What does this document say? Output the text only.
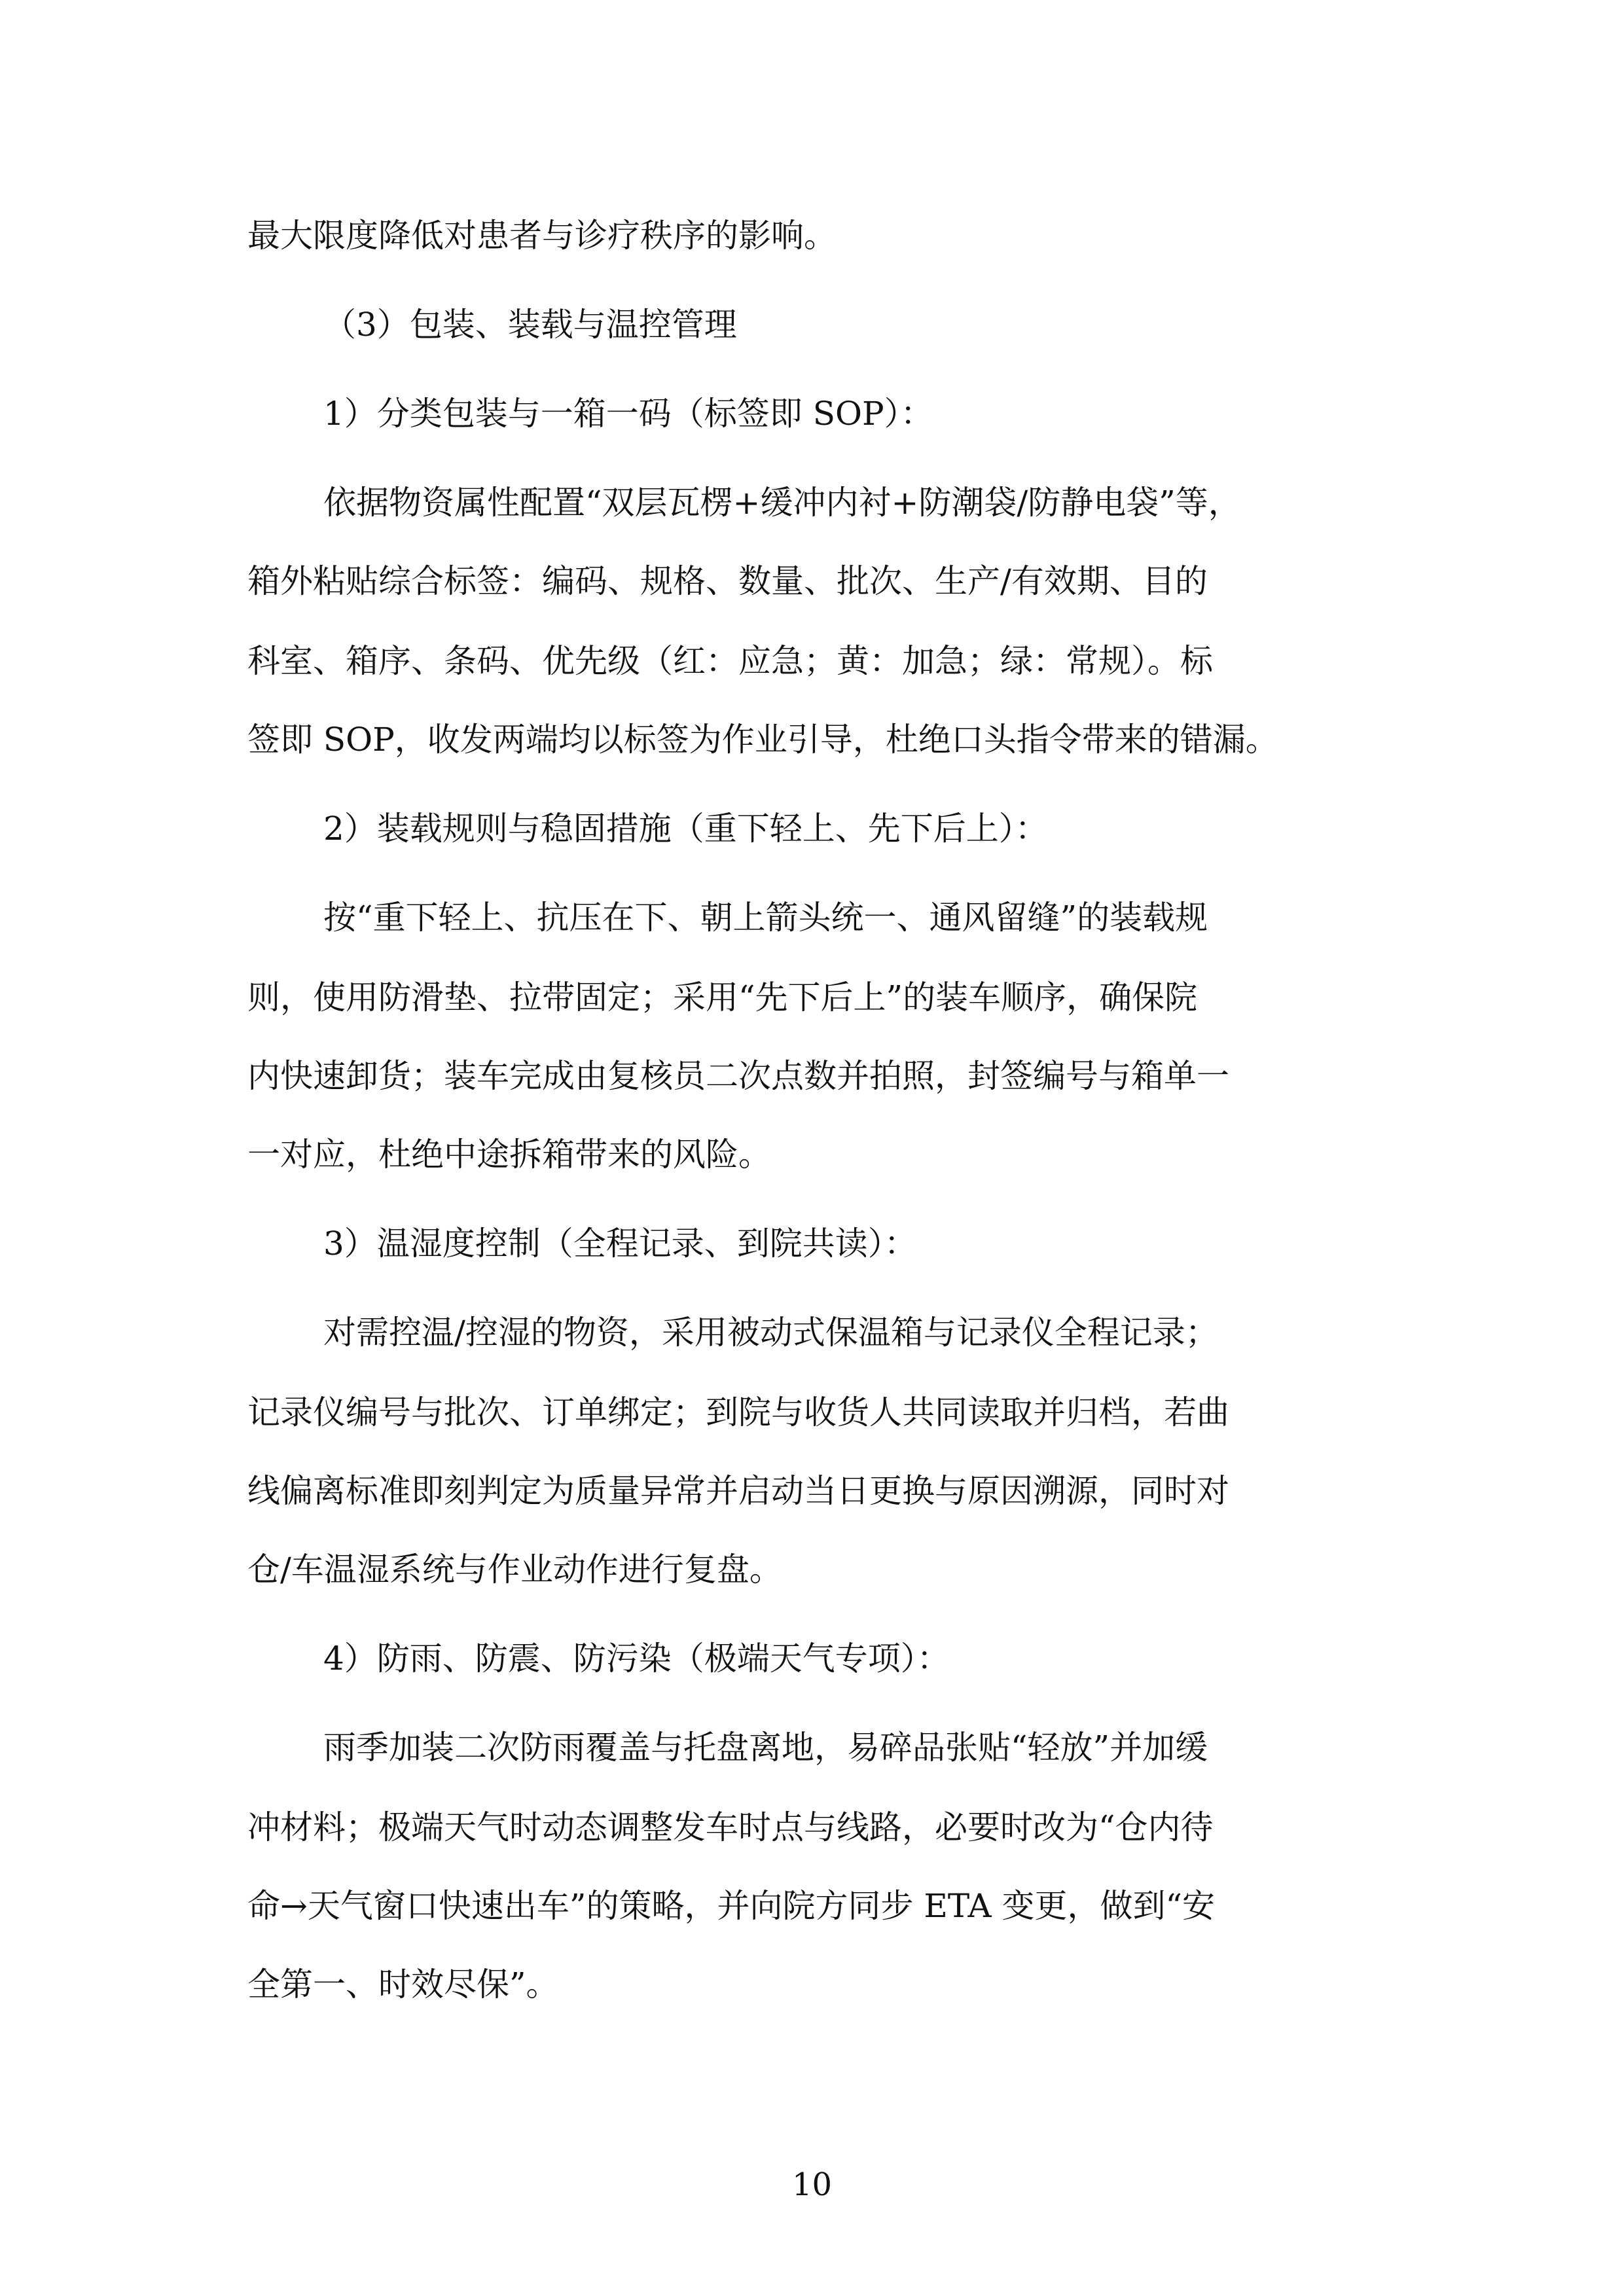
最大限度降低对患者与诊疗秩序的影响。
（3）包装、装载与温控管理
1）分类包装与一箱一码（标签即 SOP）：
依据物资属性配置“双层瓦楞+缓冲内衬+防潮袋/防静电袋”等，
箱外粘贴综合标签：编码、规格、数量、批次、生产/有效期、目的
科室、箱序、条码、优先级（红：应急；黄：加急；绿：常规）。标
签即 SOP，收发两端均以标签为作业引导，杜绝口头指令带来的错漏。
2）装载规则与稳固措施（重下轻上、先下后上）：
按“重下轻上、抗压在下、朝上箭头统一、通风留缝”的装载规
则，使用防滑垫、拉带固定；采用“先下后上”的装车顺序，确保院
内快速卸货；装车完成由复核员二次点数并拍照，封签编号与箱单一
一对应，杜绝中途拆箱带来的风险。
3）温湿度控制（全程记录、到院共读）：
对需控温/控湿的物资，采用被动式保温箱与记录仪全程记录；
记录仪编号与批次、订单绑定；到院与收货人共同读取并归档，若曲
线偏离标准即刻判定为质量异常并启动当日更换与原因溯源，同时对
仓/车温湿系统与作业动作进行复盘。
4）防雨、防震、防污染（极端天气专项）：
雨季加装二次防雨覆盖与托盘离地，易碎品张贴“轻放”并加缓
冲材料；极端天气时动态调整发车时点与线路，必要时改为“仓内待
命→天气窗口快速出车”的策略，并向院方同步 ETA 变更，做到“安
全第一、时效尽保”。
10
